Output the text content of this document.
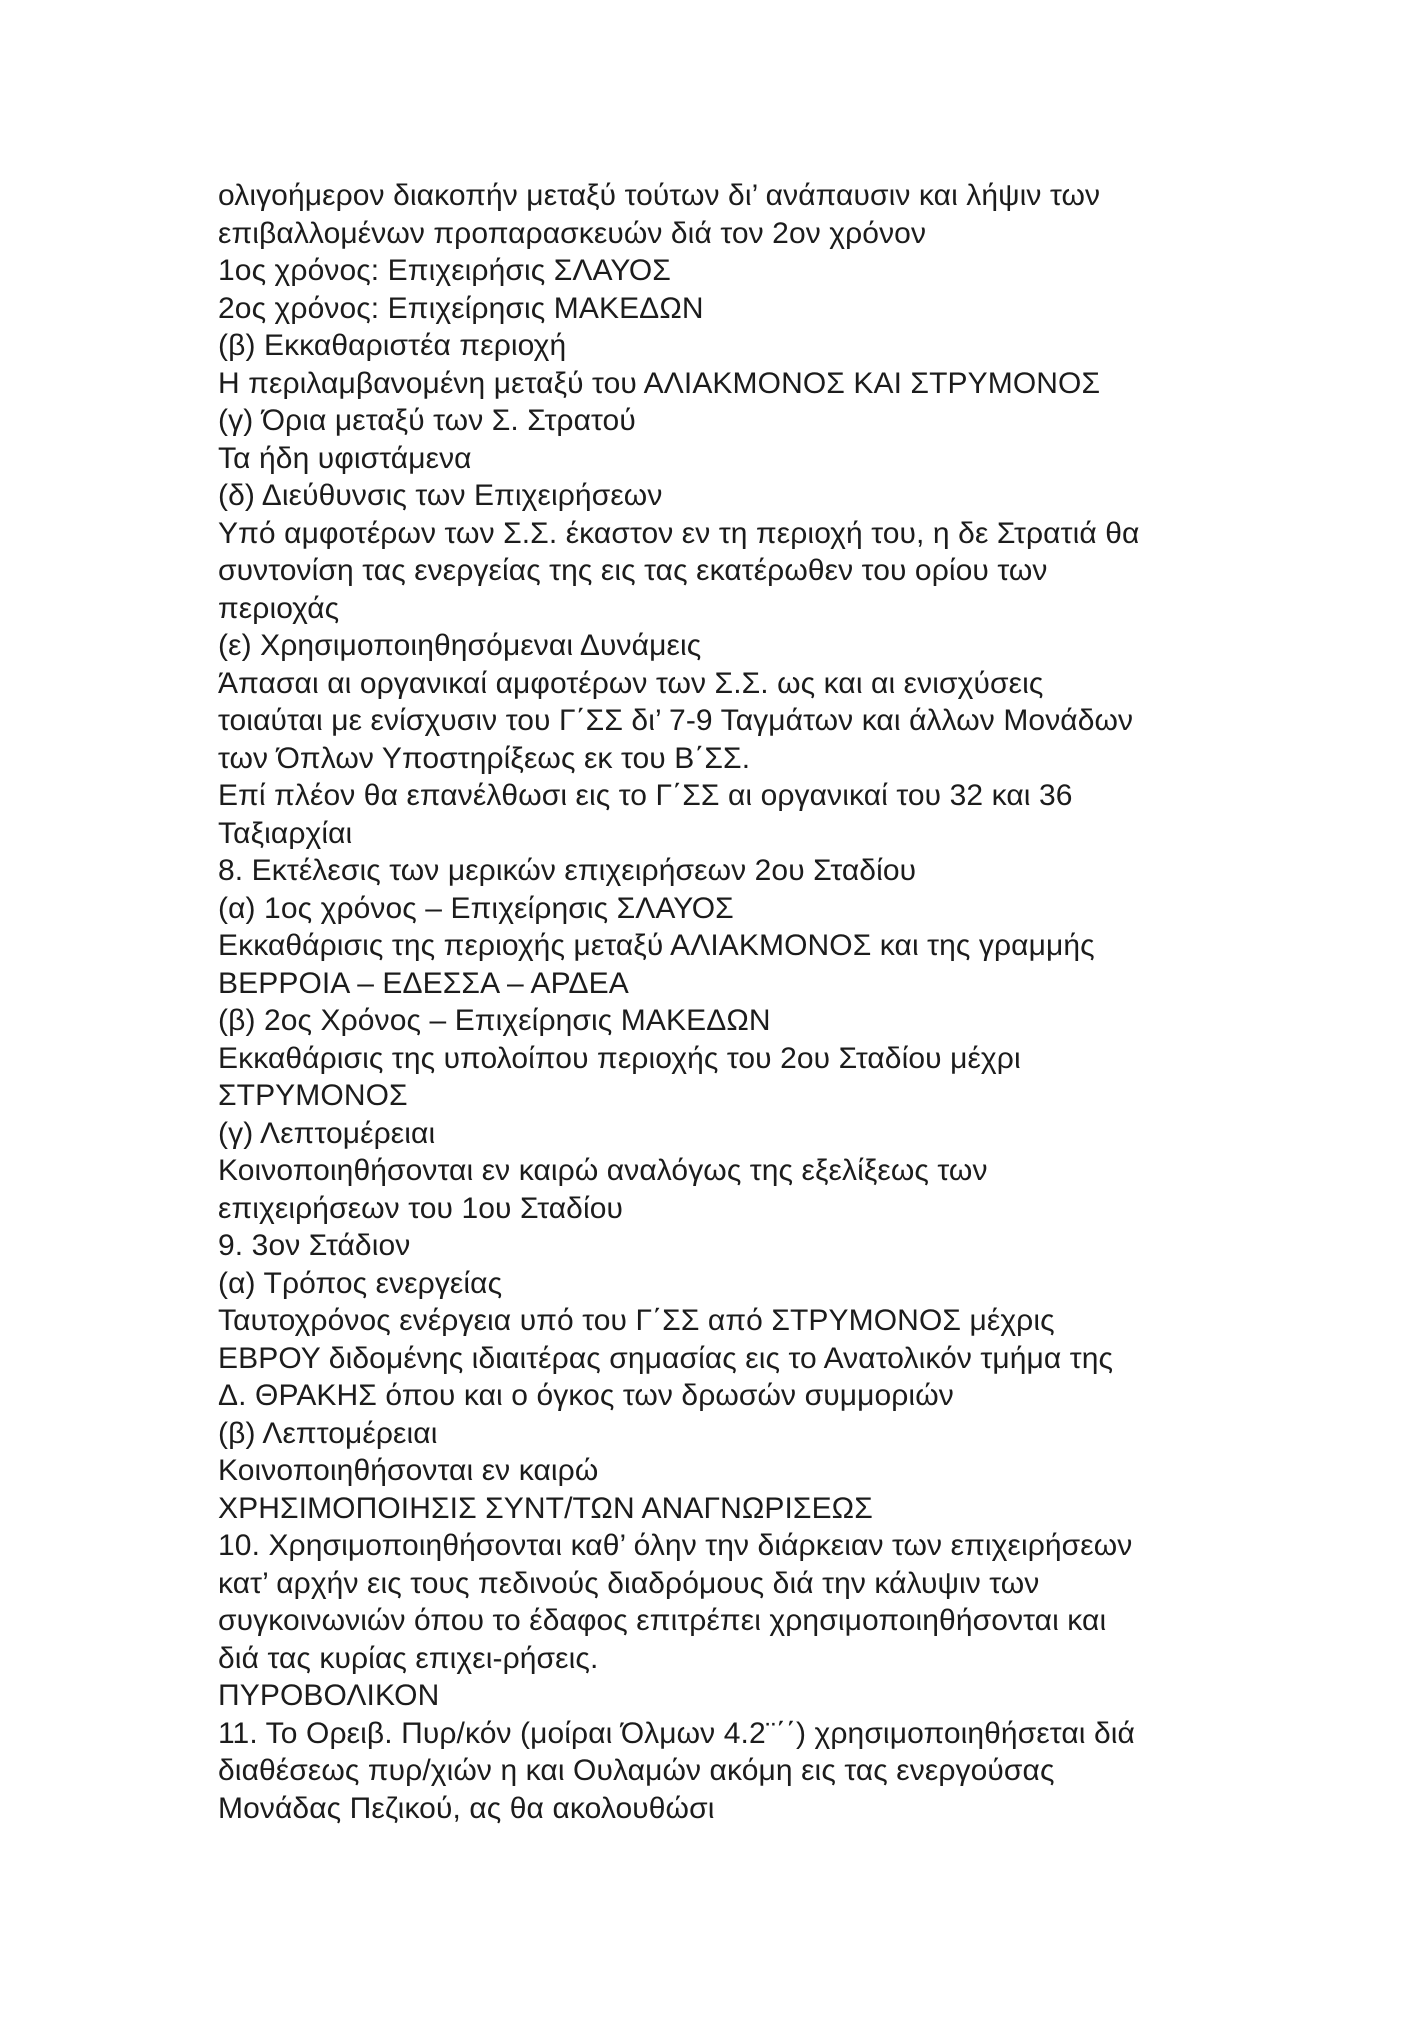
ολιγοήμερον διακοπήν μεταξύ τούτων δι’ ανάπαυσιν και λήψιν των
επιβαλλομένων προπαρασκευών διά τον 2ον χρόνον
1ος χρόνος: Επιχειρήσις ΣΛΑΥΟΣ
2ος χρόνος: Επιχείρησις ΜΑΚΕΔΩΝ
(β) Εκκαθαριστέα περιοχή
Η περιλαμβανομένη μεταξύ του ΑΛΙΑΚΜΟΝΟΣ ΚΑΙ ΣΤΡΥΜΟΝΟΣ
(γ) Όρια μεταξύ των Σ. Στρατού
Τα ήδη υφιστάμενα
(δ) Διεύθυνσις των Επιχειρήσεων
Υπό αμφοτέρων των Σ.Σ. έκαστον εν τη περιοχή του, η δε Στρατιά θα
συντονίση τας ενεργείας της εις τας εκατέρωθεν του ορίου των
περιοχάς
(ε) Χρησιμοποιηθησόμεναι Δυνάμεις
Άπασαι αι οργανικαί αμφοτέρων των Σ.Σ. ως και αι ενισχύσεις
τοιαύται με ενίσχυσιν του Γ΄ΣΣ δι’ 7-9 Ταγμάτων και άλλων Μονάδων
των Όπλων Υποστηρίξεως εκ του Β΄ΣΣ.
Επί πλέον θα επανέλθωσι εις το Γ΄ΣΣ αι οργανικαί του 32 και 36
Ταξιαρχίαι
8. Εκτέλεσις των μερικών επιχειρήσεων 2ου Σταδίου
(α) 1ος χρόνος – Επιχείρησις ΣΛΑΥΟΣ
Εκκαθάρισις της περιοχής μεταξύ ΑΛΙΑΚΜΟΝΟΣ και της γραμμής
ΒΕΡΡΟΙΑ – ΕΔΕΣΣΑ – ΑΡΔΕΑ
(β) 2ος Χρόνος – Επιχείρησις ΜΑΚΕΔΩΝ
Εκκαθάρισις της υπολοίπου περιοχής του 2ου Σταδίου μέχρι
ΣΤΡΥΜΟΝΟΣ
(γ) Λεπτομέρειαι
Κοινοποιηθήσονται εν καιρώ αναλόγως της εξελίξεως των
επιχειρήσεων του 1ου Σταδίου
9. 3ον Στάδιον
(α) Τρόπος ενεργείας
Ταυτοχρόνος ενέργεια υπό του Γ΄ΣΣ από ΣΤΡΥΜΟΝΟΣ μέχρις
ΕΒΡΟΥ διδομένης ιδιαιτέρας σημασίας εις το Ανατολικόν τμήμα της
Δ. ΘΡΑΚΗΣ όπου και ο όγκος των δρωσών συμμοριών
(β) Λεπτομέρειαι
Κοινοποιηθήσονται εν καιρώ
ΧΡΗΣΙΜΟΠΟΙΗΣΙΣ ΣΥΝΤ/ΤΩΝ ΑΝΑΓΝΩΡΙΣΕΩΣ
10. Χρησιμοποιηθήσονται καθ’ όλην την διάρκειαν των επιχειρήσεων
κατ’ αρχήν εις τους πεδινούς διαδρόμους διά την κάλυψιν των
συγκοινωνιών όπου το έδαφος επιτρέπει χρησιμοποιηθήσονται και
διά τας κυρίας επιχει-ρήσεις.
ΠΥΡΟΒΟΛΙΚΟΝ
11. Το Ορειβ. Πυρ/κόν (μοίραι Όλμων 4.2¨΄΄) χρησιμοποιηθήσεται διά
διαθέσεως πυρ/χιών η και Ουλαμών ακόμη εις τας ενεργούσας
Μονάδας Πεζικού, ας θα ακολουθώσι
